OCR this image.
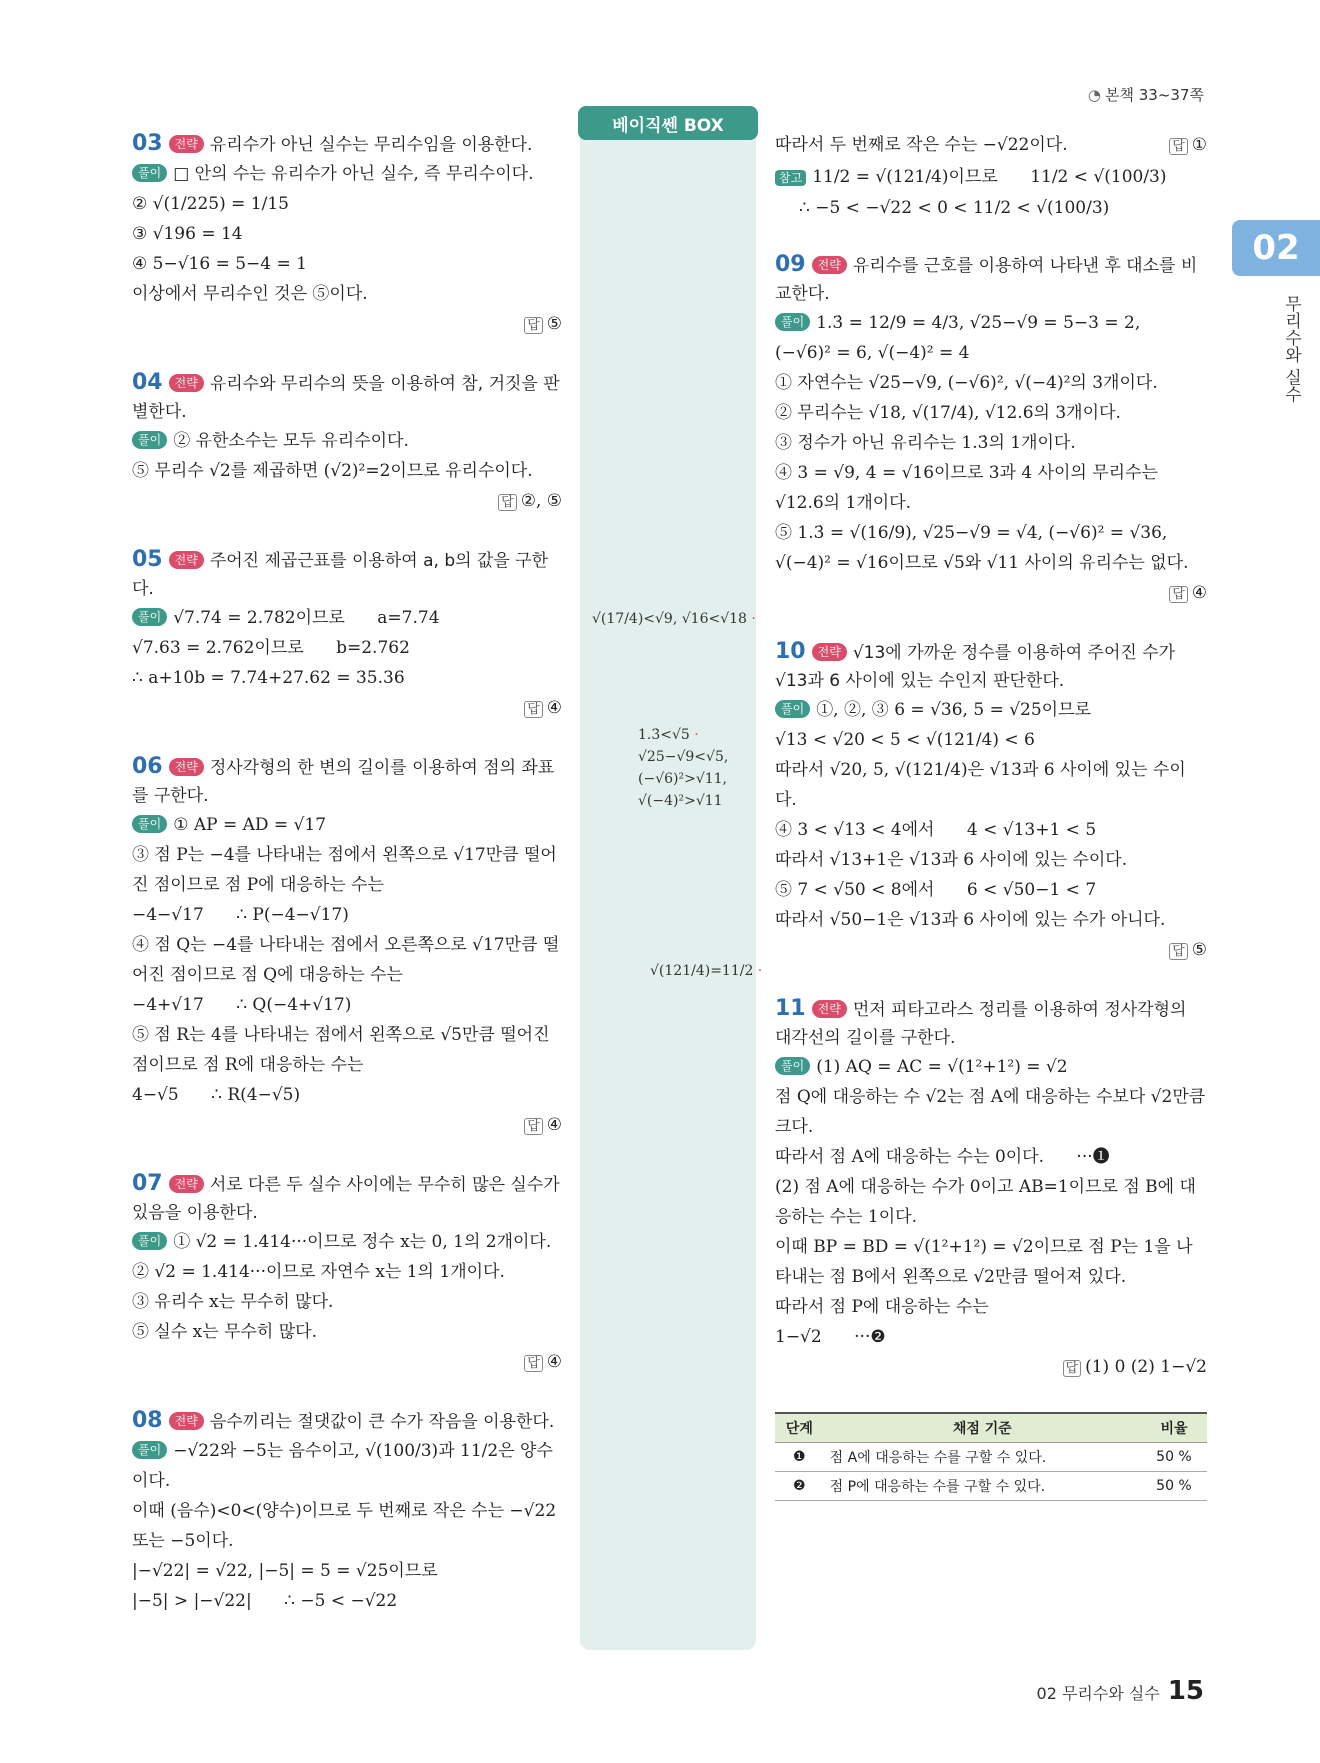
◔ 본책 33~37쪽
02
무리수와 실수
베이직쎈 BOX
√(17/4)<√9, √16<√18 ·
1.3̇<√5 ·
√25−√9<√5,
(−√6)²>√11,
√(−4)²>√11
√(121/4)=11/2 ·

03 전략 유리수가 아닌 실수는 무리수임을 이용한다.

풀이 □ 안의 수는 유리수가 아닌 실수, 즉 무리수이다.

② √(1/225) = 1/15

③ √196 = 14

④ 5−√16 = 5−4 = 1

이상에서 무리수인 것은 ⑤이다.

답 ⑤

04 전략 유리수와 무리수의 뜻을 이용하여 참, 거짓을 판별한다.

풀이 ② 유한소수는 모두 유리수이다.

⑤ 무리수 √2를 제곱하면 (√2)²=2이므로 유리수이다.

답 ②, ⑤

05 전략 주어진 제곱근표를 이용하여 a, b의 값을 구한다.

풀이 √7.74 = 2.782이므로      a=7.74

√7.63 = 2.762이므로      b=2.762

∴ a+10b = 7.74+27.62 = 35.36

답 ④

06 전략 정사각형의 한 변의 길이를 이용하여 점의 좌표를 구한다.

풀이 ① AP = AD = √17

③ 점 P는 −4를 나타내는 점에서 왼쪽으로 √17만큼 떨어진 점이므로 점 P에 대응하는 수는

−4−√17      ∴ P(−4−√17)

④ 점 Q는 −4를 나타내는 점에서 오른쪽으로 √17만큼 떨어진 점이므로 점 Q에 대응하는 수는

−4+√17      ∴ Q(−4+√17)

⑤ 점 R는 4를 나타내는 점에서 왼쪽으로 √5만큼 떨어진 점이므로 점 R에 대응하는 수는

4−√5      ∴ R(4−√5)

답 ④

07 전략 서로 다른 두 실수 사이에는 무수히 많은 실수가 있음을 이용한다.

풀이 ① √2 = 1.414···이므로 정수 x는 0, 1의 2개이다.

② √2 = 1.414···이므로 자연수 x는 1의 1개이다.

③ 유리수 x는 무수히 많다.

⑤ 실수 x는 무수히 많다.

답 ④

08 전략 음수끼리는 절댓값이 큰 수가 작음을 이용한다.

풀이 −√22와 −5는 음수이고, √(100/3)과 11/2은 양수이다.

이때 (음수)<0<(양수)이므로 두 번째로 작은 수는 −√22 또는 −5이다.

|−√22| = √22, |−5| = 5 = √25이므로

|−5| > |−√22|      ∴ −5 < −√22

따라서 두 번째로 작은 수는 −√22이다.	답 ①

참고 11/2 = √(121/4)이므로      11/2 < √(100/3)

∴ −5 < −√22 < 0 < 11/2 < √(100/3)

09 전략 유리수를 근호를 이용하여 나타낸 후 대소를 비교한다.

풀이 1.3̇ = 12/9 = 4/3, √25−√9 = 5−3 = 2,

(−√6)² = 6, √(−4)² = 4

① 자연수는 √25−√9, (−√6)², √(−4)²의 3개이다.

② 무리수는 √18, √(17/4), √12.6의 3개이다.

③ 정수가 아닌 유리수는 1.3̇의 1개이다.

④ 3 = √9, 4 = √16이므로 3과 4 사이의 무리수는 √12.6의 1개이다.

⑤ 1.3̇ = √(16/9), √25−√9 = √4, (−√6)² = √36, √(−4)² = √16이므로 √5와 √11 사이의 유리수는 없다.

답 ④

10 전략 √13에 가까운 정수를 이용하여 주어진 수가 √13과 6 사이에 있는 수인지 판단한다.

풀이 ①, ②, ③ 6 = √36, 5 = √25이므로

√13 < √20 < 5 < √(121/4) < 6

따라서 √20, 5, √(121/4)은 √13과 6 사이에 있는 수이다.

④ 3 < √13 < 4에서      4 < √13+1 < 5

따라서 √13+1은 √13과 6 사이에 있는 수이다.

⑤ 7 < √50 < 8에서      6 < √50−1 < 7

따라서 √50−1은 √13과 6 사이에 있는 수가 아니다.

답 ⑤

11 전략 먼저 피타고라스 정리를 이용하여 정사각형의 대각선의 길이를 구한다.

풀이 (1) AQ = AC = √(1²+1²) = √2

점 Q에 대응하는 수 √2는 점 A에 대응하는 수보다 √2만큼 크다.

따라서 점 A에 대응하는 수는 0이다.      ···❶

(2) 점 A에 대응하는 수가 0이고 AB=1이므로 점 B에 대응하는 수는 1이다.

이때 BP = BD = √(1²+1²) = √2이므로 점 P는 1을 나타내는 점 B에서 왼쪽으로 √2만큼 떨어져 있다.

따라서 점 P에 대응하는 수는

1−√2      ···❷

답 (1) 0 (2) 1−√2

단계	채점 기준	비율
❶	점 A에 대응하는 수를 구할 수 있다.	50 %
❷	점 P에 대응하는 수를 구할 수 있다.	50 %
02 무리수와 실수 15
